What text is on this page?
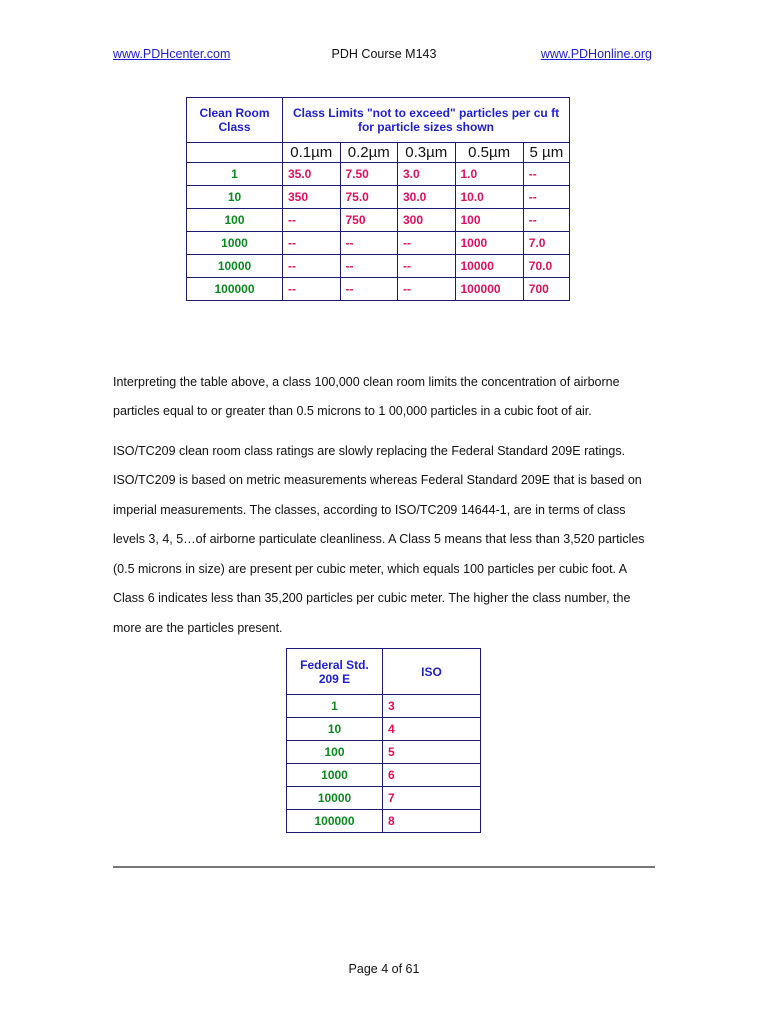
www.PDHcenter.com	PDH Course M143	www.PDHonline.org
Clean Room Class	Class Limits "not to exceed" particles per cu ft for particle sizes shown				
	0.1µm	0.2µm	0.3µm	0.5µm	5 µm
1	35.0	7.50	3.0	1.0	--
10	350	75.0	30.0	10.0	--
100	--	750	300	100	--
1000	--	--	--	1000	7.0
10000	--	--	--	10000	70.0
100000	--	--	--	100000	700

Interpreting the table above, a class 100,000 clean room limits the concentration of airborne particles equal to or greater than 0.5 microns to 1 00,000 particles in a cubic foot of air.

ISO/TC209 clean room class ratings are slowly replacing the Federal Standard 209E ratings. ISO/TC209 is based on metric measurements whereas Federal Standard 209E that is based on imperial measurements. The classes, according to ISO/TC209 14644-1, are in terms of class levels 3, 4, 5…of airborne particulate cleanliness. A Class 5 means that less than 3,520 particles (0.5 microns in size) are present per cubic meter, which equals 100 particles per cubic foot. A Class 6 indicates less than 35,200 particles per cubic meter. The higher the class number, the more are the particles present.

Federal Std. 209 E	ISO
1	3
10	4
100	5
1000	6
10000	7
100000	8
Page 4 of 61
